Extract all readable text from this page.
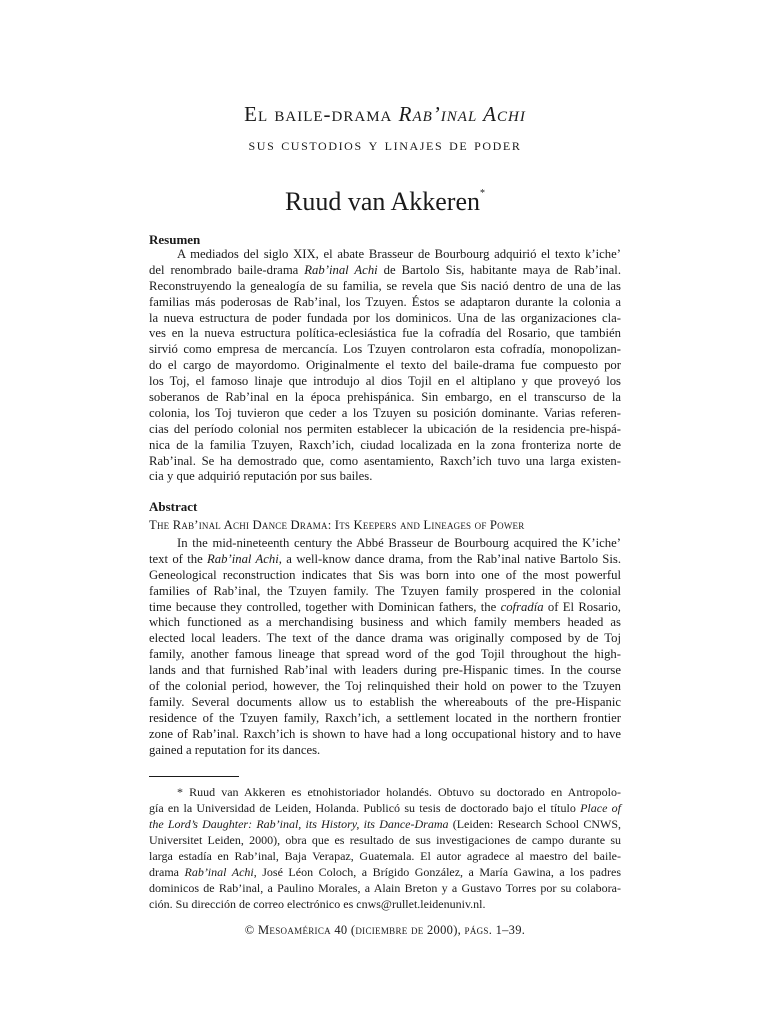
El baile-drama Rab’inal Achi
sus custodios y linajes de poder
Ruud van Akkeren*
Resumen
A mediados del siglo XIX, el abate Brasseur de Bourbourg adquirió el texto k’iche’
del renombrado baile-drama Rab’inal Achi de Bartolo Sis, habitante maya de Rab’inal.
Reconstruyendo la genealogía de su familia, se revela que Sis nació dentro de una de las
familias más poderosas de Rab’inal, los Tzuyen. Éstos se adaptaron durante la colonia a
la nueva estructura de poder fundada por los dominicos. Una de las organizaciones cla-
ves en la nueva estructura política-eclesiástica fue la cofradía del Rosario, que también
sirvió como empresa de mercancía. Los Tzuyen controlaron esta cofradía, monopolizan-
do el cargo de mayordomo. Originalmente el texto del baile-drama fue compuesto por
los Toj, el famoso linaje que introdujo al dios Tojil en el altiplano y que proveyó los
soberanos de Rab’inal en la época prehispánica. Sin embargo, en el transcurso de la
colonia, los Toj tuvieron que ceder a los Tzuyen su posición dominante. Varias referen-
cias del período colonial nos permiten establecer la ubicación de la residencia pre-hispá-
nica de la familia Tzuyen, Raxch’ich, ciudad localizada en la zona fronteriza norte de
Rab’inal. Se ha demostrado que, como asentamiento, Raxch’ich tuvo una larga existen-
cia y que adquirió reputación por sus bailes.
Abstract
The Rab’inal Achi Dance Drama: Its Keepers and Lineages of Power
In the mid-nineteenth century the Abbé Brasseur de Bourbourg acquired the K’iche’
text of the Rab’inal Achi, a well-know dance drama, from the Rab’inal native Bartolo Sis.
Geneological reconstruction indicates that Sis was born into one of the most powerful
families of Rab’inal, the Tzuyen family. The Tzuyen family prospered in the colonial
time because they controlled, together with Dominican fathers, the cofradía of El Rosario,
which functioned as a merchandising business and which family members headed as
elected local leaders. The text of the dance drama was originally composed by de Toj
family, another famous lineage that spread word of the god Tojil throughout the high-
lands and that furnished Rab’inal with leaders during pre-Hispanic times. In the course
of the colonial period, however, the Toj relinquished their hold on power to the Tzuyen
family. Several documents allow us to establish the whereabouts of the pre-Hispanic
residence of the Tzuyen family, Raxch’ich, a settlement located in the northern frontier
zone of Rab’inal. Raxch’ich is shown to have had a long occupational history and to have
gained a reputation for its dances.
* Ruud van Akkeren es etnohistoriador holandés. Obtuvo su doctorado en Antropolo-
gía en la Universidad de Leiden, Holanda. Publicó su tesis de doctorado bajo el título Place of
the Lord’s Daughter: Rab’inal, its History, its Dance-Drama (Leiden: Research School CNWS,
Universitet Leiden, 2000), obra que es resultado de sus investigaciones de campo durante su
larga estadía en Rab’inal, Baja Verapaz, Guatemala. El autor agradece al maestro del baile-
drama Rab’inal Achi, José Léon Coloch, a Brígido González, a María Gawina, a los padres
dominicos de Rab’inal, a Paulino Morales, a Alain Breton y a Gustavo Torres por su colabora-
ción. Su dirección de correo electrónico es cnws@rullet.leidenuniv.nl.
© Mesoamérica 40 (diciembre de 2000), págs. 1–39.
